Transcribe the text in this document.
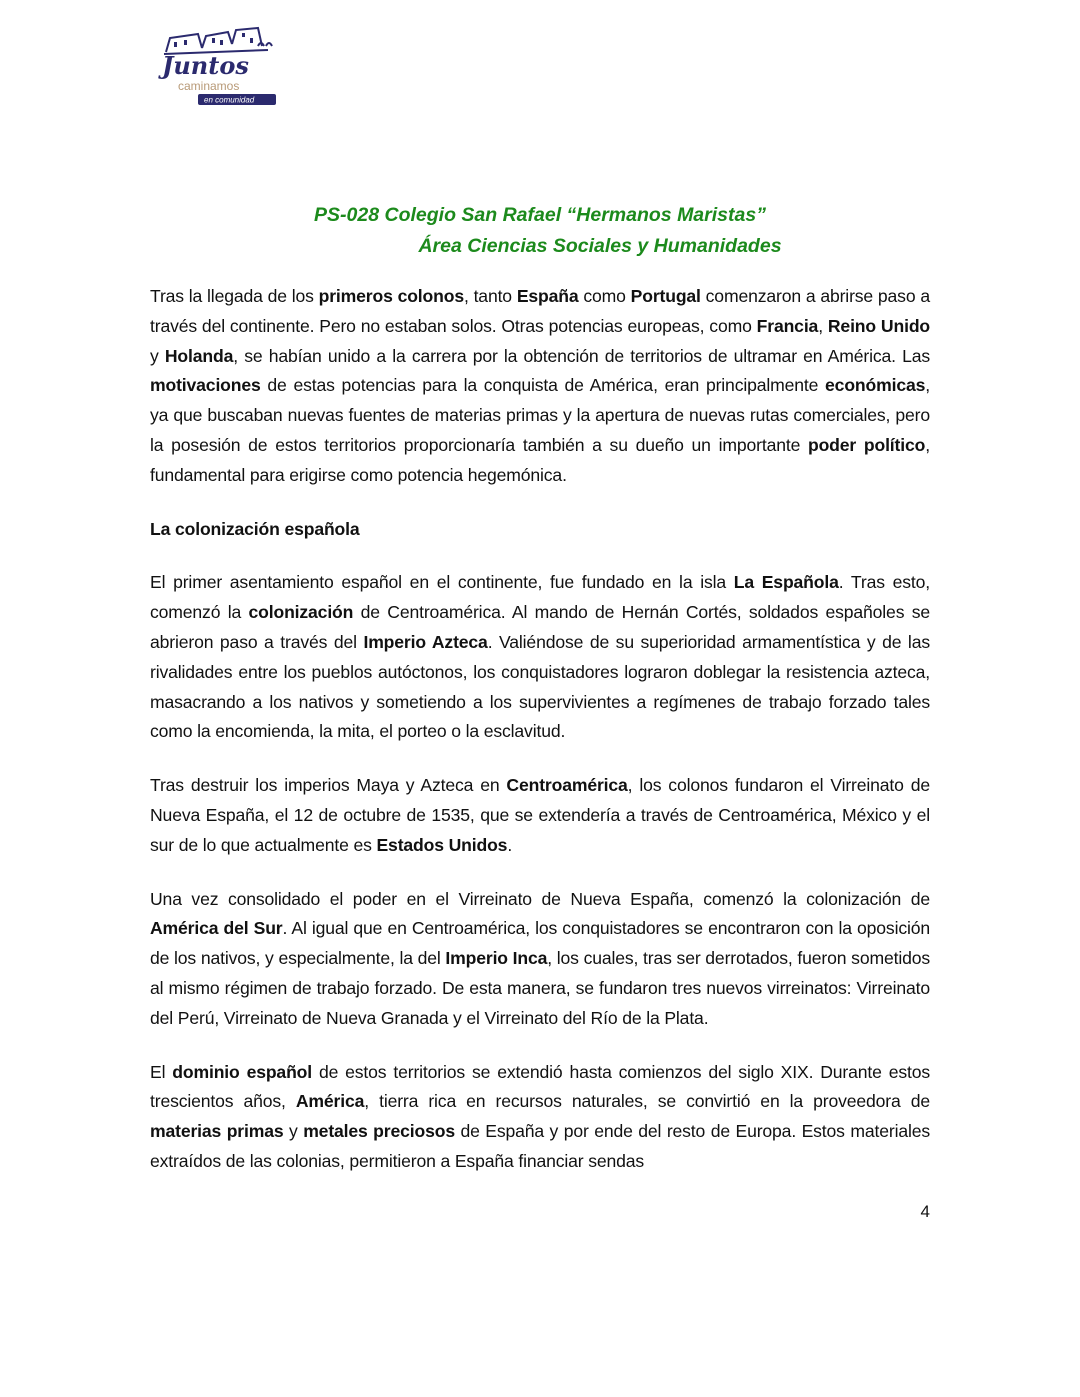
Juntos
caminamos
en comunidad
PS-028 Colegio San Rafael “Hermanos Maristas”
Área Ciencias Sociales y Humanidades
Tras la llegada de los primeros colonos, tanto España como Portugal comenzaron a abrirse paso a través del continente. Pero no estaban solos. Otras potencias europeas, como Francia, Reino Unido y Holanda, se habían unido a la carrera por la obtención de territorios de ultramar en América. Las motivaciones de estas potencias para la conquista de América, eran principalmente económicas, ya que buscaban nuevas fuentes de materias primas y la apertura de nuevas rutas comerciales, pero la posesión de estos territorios proporcionaría también a su dueño un importante poder político, fundamental para erigirse como potencia hegemónica.
La colonización española
El primer asentamiento español en el continente, fue fundado en la isla La Española. Tras esto, comenzó la colonización de Centroamérica. Al mando de Hernán Cortés, soldados españoles se abrieron paso a través del Imperio Azteca. Valiéndose de su superioridad armamentística y de las rivalidades entre los pueblos autóctonos, los conquistadores lograron doblegar la resistencia azteca, masacrando a los nativos y sometiendo a los supervivientes a regímenes de trabajo forzado tales como la encomienda, la mita, el porteo o la esclavitud.
Tras destruir los imperios Maya y Azteca en Centroamérica, los colonos fundaron el Virreinato de Nueva España, el 12 de octubre de 1535, que se extendería a través de Centroamérica, México y el sur de lo que actualmente es Estados Unidos.
Una vez consolidado el poder en el Virreinato de Nueva España, comenzó la colonización de América del Sur. Al igual que en Centroamérica, los conquistadores se encontraron con la oposición de los nativos, y especialmente, la del Imperio Inca, los cuales, tras ser derrotados, fueron sometidos al mismo régimen de trabajo forzado. De esta manera, se fundaron tres nuevos virreinatos: Virreinato del Perú, Virreinato de Nueva Granada y el Virreinato del Río de la Plata.
El dominio español de estos territorios se extendió hasta comienzos del siglo XIX. Durante estos trescientos años, América, tierra rica en recursos naturales, se convirtió en la proveedora de materias primas y metales preciosos de España y por ende del resto de Europa. Estos materiales extraídos de las colonias, permitieron a España financiar sendas
4
